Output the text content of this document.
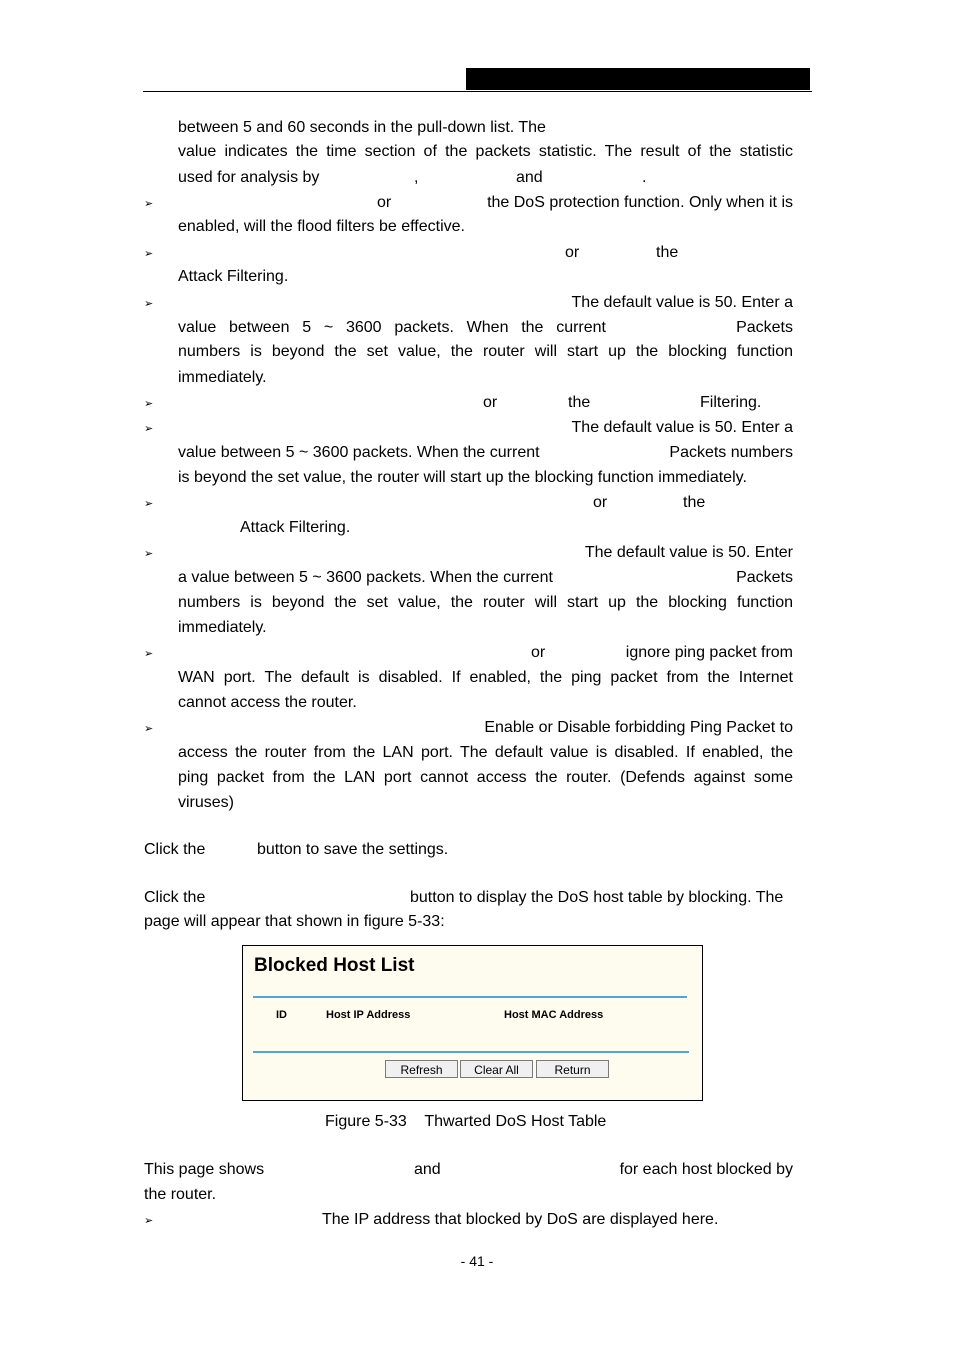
between 5 and 60 seconds in the pull-down list. The
value indicates the time section of the packets statistic. The result of the statistic
used for analysis by	,	and	.
➢	or	the DoS protection function. Only when it is
enabled, will the flood filters be effective.
➢	or	the
Attack Filtering.
➢	The default value is 50. Enter a
value between 5 ~ 3600 packets. When the current	Packets
numbers is beyond the set value, the router will start up the blocking function
immediately.
➢	or	the	Filtering.
➢	The default value is 50. Enter a
value between 5 ~ 3600 packets. When the current	Packets numbers
is beyond the set value, the router will start up the blocking function immediately.
➢	or	the
Attack Filtering.
➢	The default value is 50. Enter
a value between 5 ~ 3600 packets. When the current	Packets
numbers is beyond the set value, the router will start up the blocking function
immediately.
➢	or	ignore ping packet from
WAN port. The default is disabled. If enabled, the ping packet from the Internet
cannot access the router.
➢	Enable or Disable forbidding Ping Packet to
access the router from the LAN port. The default value is disabled. If enabled, the
ping packet from the LAN port cannot access the router. (Defends against some
viruses)
Click the	button to save the settings.
Click the	button to display the DoS host table by blocking. The
page will appear that shown in figure 5-33:
Blocked Host List
ID	Host IP Address	Host MAC Address
Refresh	Clear All	Return
Figure 5-33    Thwarted DoS Host Table
This page shows	and	for each host blocked by
the router.
➢	The IP address that blocked by DoS are displayed here.
- 41 -
